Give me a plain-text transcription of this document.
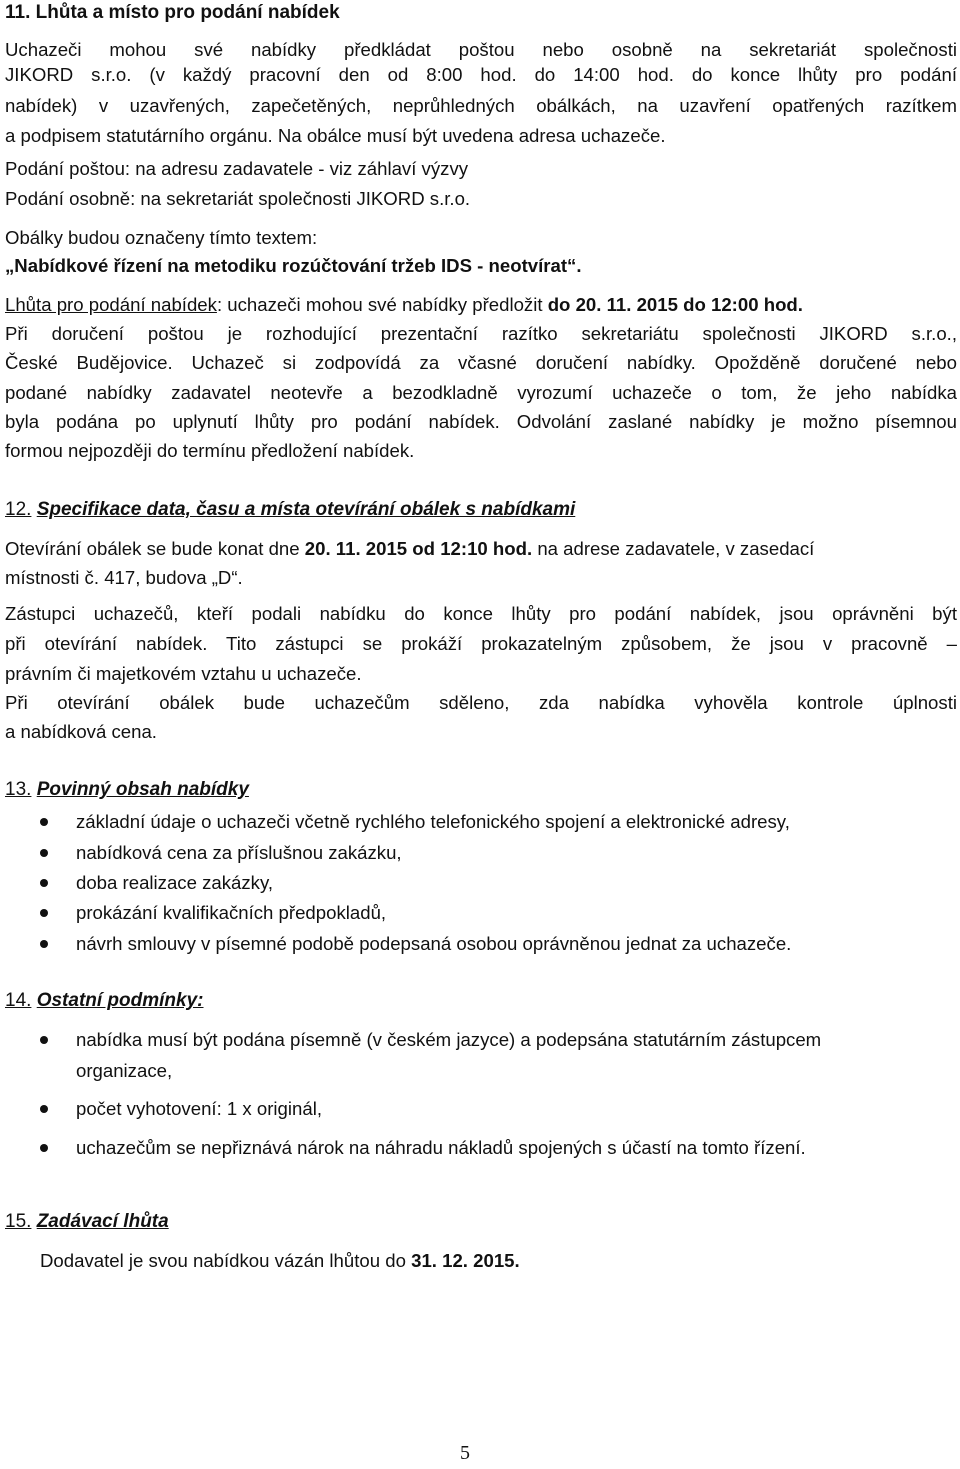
11. Lhůta a místo pro podání nabídek
Uchazeči mohou své nabídky předkládat poštou nebo osobně na sekretariát společnosti
JIKORD s.r.o. (v každý pracovní den od 8:00 hod. do 14:00 hod. do konce lhůty pro podání
nabídek) v uzavřených, zapečetěných, neprůhledných obálkách, na uzavření opatřených razítkem
a podpisem statutárního orgánu. Na obálce musí být uvedena adresa uchazeče.
Podání poštou: na adresu zadavatele - viz záhlaví výzvy
Podání osobně: na sekretariát společnosti JIKORD s.r.o.
Obálky budou označeny tímto textem:
„Nabídkové řízení na metodiku rozúčtování tržeb IDS - neotvírat“.
Lhůta pro podání nabídek: uchazeči mohou své nabídky předložit do 20. 11. 2015 do 12:00 hod.
Při doručení poštou je rozhodující prezentační razítko sekretariátu společnosti JIKORD s.r.o.,
České Budějovice. Uchazeč si zodpovídá za včasné doručení nabídky. Opožděně doručené nebo
podané nabídky zadavatel neotevře a bezodkladně vyrozumí uchazeče o tom, že jeho nabídka
byla podána po uplynutí lhůty pro podání nabídek. Odvolání zaslané nabídky je možno písemnou
formou nejpozději do termínu předložení nabídek.
12. Specifikace data, času a místa otevírání obálek s nabídkami
Otevírání obálek se bude konat dne 20. 11. 2015 od 12:10 hod. na adrese zadavatele, v zasedací
místnosti č. 417, budova „D“.
Zástupci uchazečů, kteří podali nabídku do konce lhůty pro podání nabídek, jsou oprávněni být
při otevírání nabídek. Tito zástupci se prokáží prokazatelným způsobem, že jsou v pracovně –
právním či majetkovém vztahu u uchazeče.
Při otevírání obálek bude uchazečům sděleno, zda nabídka vyhověla kontrole úplnosti
a nabídková cena.
13. Povinný obsah nabídky
základní údaje o uchazeči včetně rychlého telefonického spojení a elektronické adresy,
nabídková cena za příslušnou zakázku,
doba realizace zakázky,
prokázání kvalifikačních předpokladů,
návrh smlouvy v písemné podobě podepsaná osobou oprávněnou jednat za uchazeče.
14. Ostatní podmínky:
nabídka musí být podána písemně (v českém jazyce) a podepsána statutárním zástupcem
organizace,
počet vyhotovení: 1 x originál,
uchazečům se nepřiznává nárok na náhradu nákladů spojených s účastí na tomto řízení.
15. Zadávací lhůta
Dodavatel je svou nabídkou vázán lhůtou do 31. 12. 2015.
5
